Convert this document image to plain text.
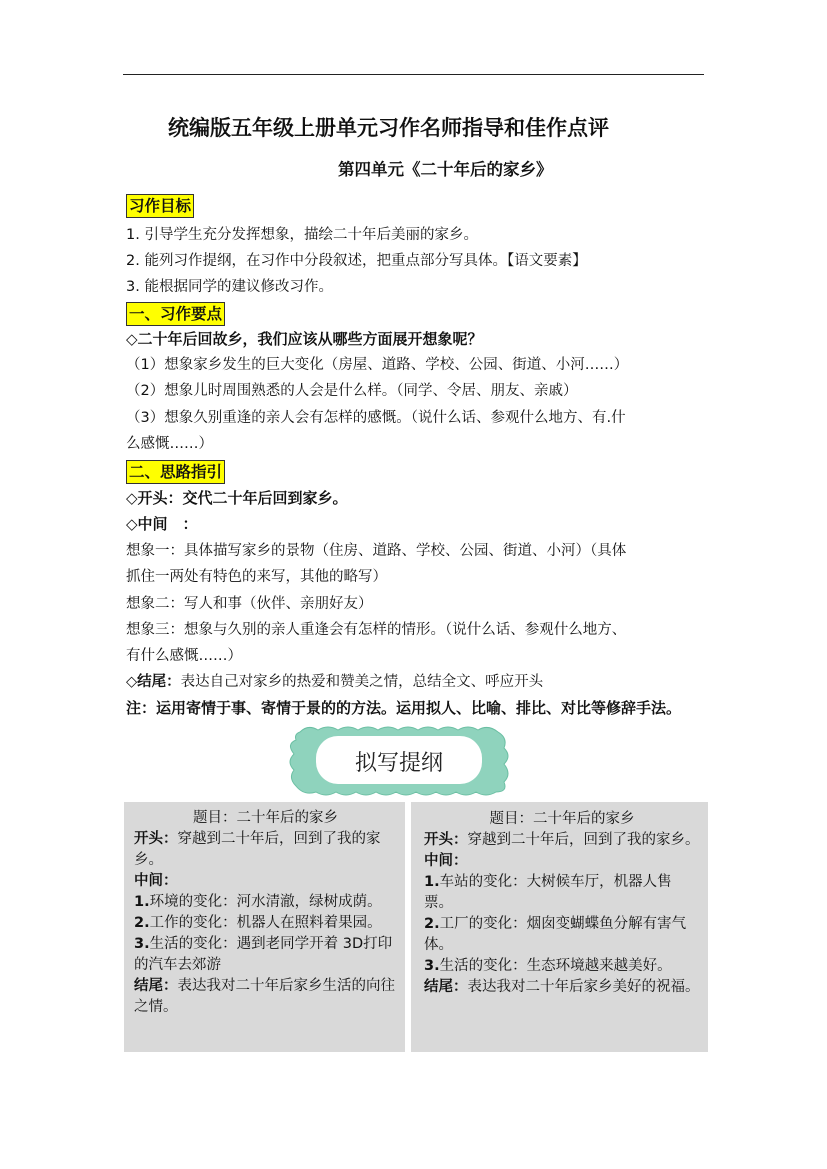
统编版五年级上册单元习作名师指导和佳作点评
第四单元《二十年后的家乡》
习作目标
1. 引导学生充分发挥想象，描绘二十年后美丽的家乡。
2. 能列习作提纲，在习作中分段叙述，把重点部分写具体。【语文要素】
3. 能根据同学的建议修改习作。
一、习作要点
◇二十年后回故乡，我们应该从哪些方面展开想象呢？
（1）想象家乡发生的巨大变化（房屋、道路、学校、公园、街道、小河……）
（2）想象儿时周围熟悉的人会是什么样。（同学、令居、朋友、亲戚）
（3）想象久别重逢的亲人会有怎样的感慨。（说什么话、参观什么地方、有.什
么感慨……）
二、思路指引
◇开头：交代二十年后回到家乡。
◇中间　：
想象一：具体描写家乡的景物（住房、道路、学校、公园、街道、小河）（具体
抓住一两处有特色的来写，其他的略写）
想象二：写人和事（伙伴、亲朋好友）
想象三：想象与久别的亲人重逢会有怎样的情形。（说什么话、参观什么地方、
有什么感慨……）
◇结尾：表达自己对家乡的热爱和赞美之情，总结全文、呼应开头
注：运用寄情于事、寄情于景的的方法。运用拟人、比喻、排比、对比等修辞手法。
拟写提纲

题目：二十年后的家乡

开头：穿越到二十年后，回到了我的家乡。

中间：

1.环境的变化：河水清澈，绿树成荫。

2.工作的变化：机器人在照料着果园。

3.生活的变化：遇到老同学开着 3D打印的汽车去郊游

结尾：表达我对二十年后家乡生活的向往之情。

题目：二十年后的家乡

开头：穿越到二十年后，回到了我的家乡。

中间：

1.车站的变化：大树候车厅，机器人售票。

2.工厂的变化：烟囱变蝴蝶鱼分解有害气体。

3.生活的变化：生态环境越来越美好。

结尾：表达我对二十年后家乡美好的祝福。
